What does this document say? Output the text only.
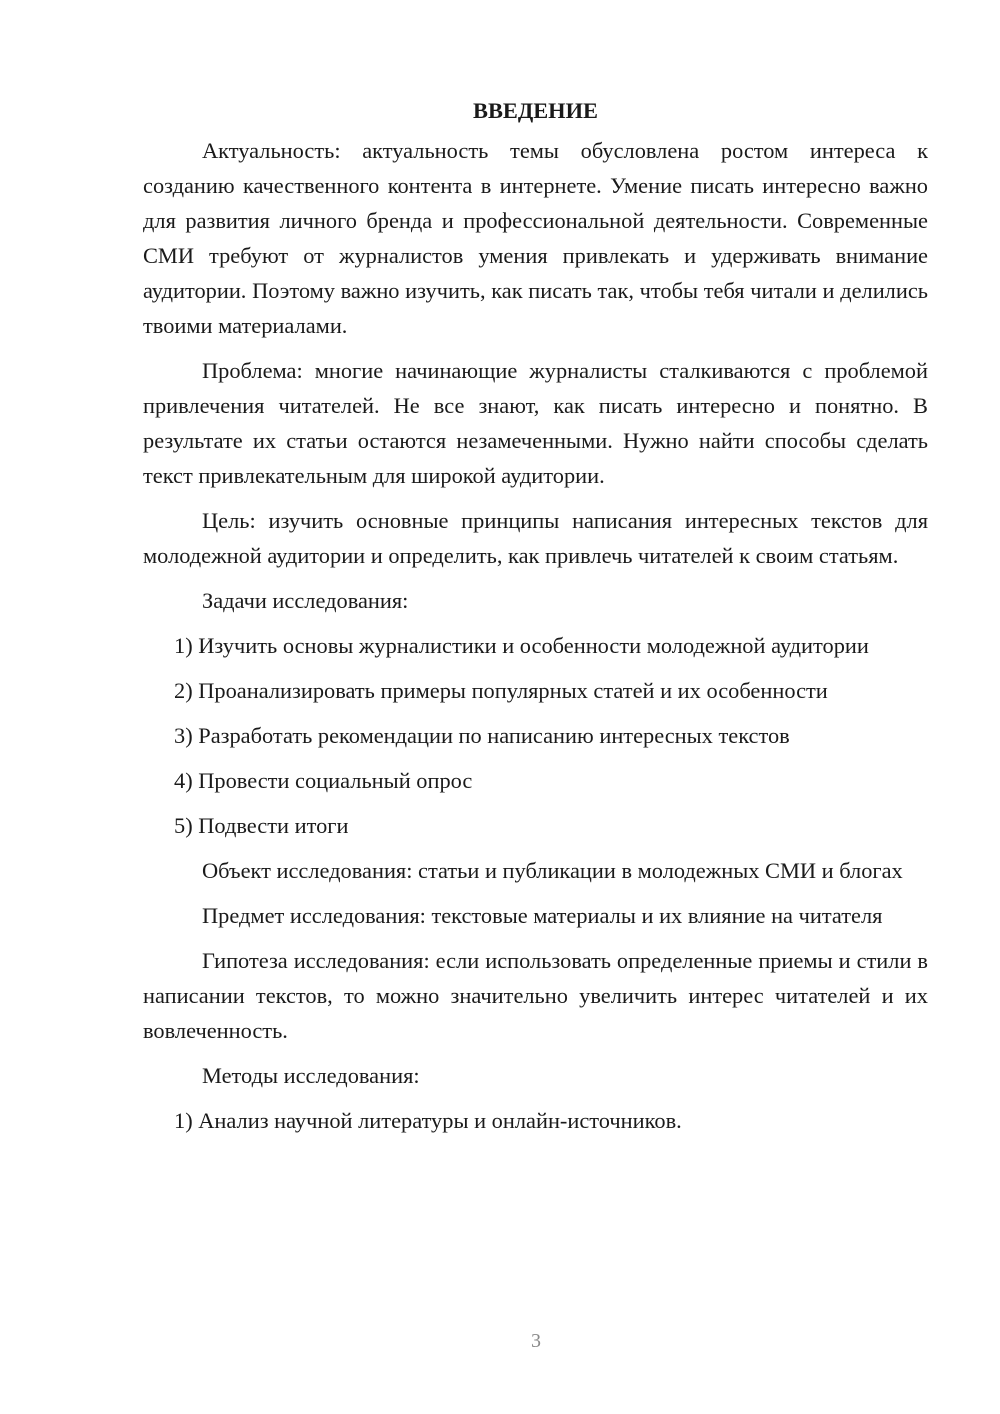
ВВЕДЕНИЕ

Актуальность: актуальность темы обусловлена ростом интереса к созданию качественного контента в интернете. Умение писать интересно важно для развития личного бренда и профессиональной деятельности. Современные СМИ требуют от журналистов умения привлекать и удерживать внимание аудитории. Поэтому важно изучить, как писать так, чтобы тебя читали и делились твоими материалами.

Проблема: многие начинающие журналисты сталкиваются с проблемой привлечения читателей. Не все знают, как писать интересно и понятно. В результате их статьи остаются незамеченными. Нужно найти способы сделать текст привлекательным для широкой аудитории.

Цель: изучить основные принципы написания интересных текстов для молодежной аудитории и определить, как привлечь читателей к своим статьям.

Задачи исследования:

1) Изучить основы журналистики и особенности молодежной аудитории

2) Проанализировать примеры популярных статей и их особенности

3) Разработать рекомендации по написанию интересных текстов

4) Провести социальный опрос

5) Подвести итоги

Объект исследования: статьи и публикации в молодежных СМИ и блогах

Предмет исследования: текстовые материалы и их влияние на читателя

Гипотеза исследования: если использовать определенные приемы и стили в написании текстов, то можно значительно увеличить интерес читателей и их вовлеченность.

Методы исследования:

1) Анализ научной литературы и онлайн-источников.

3
